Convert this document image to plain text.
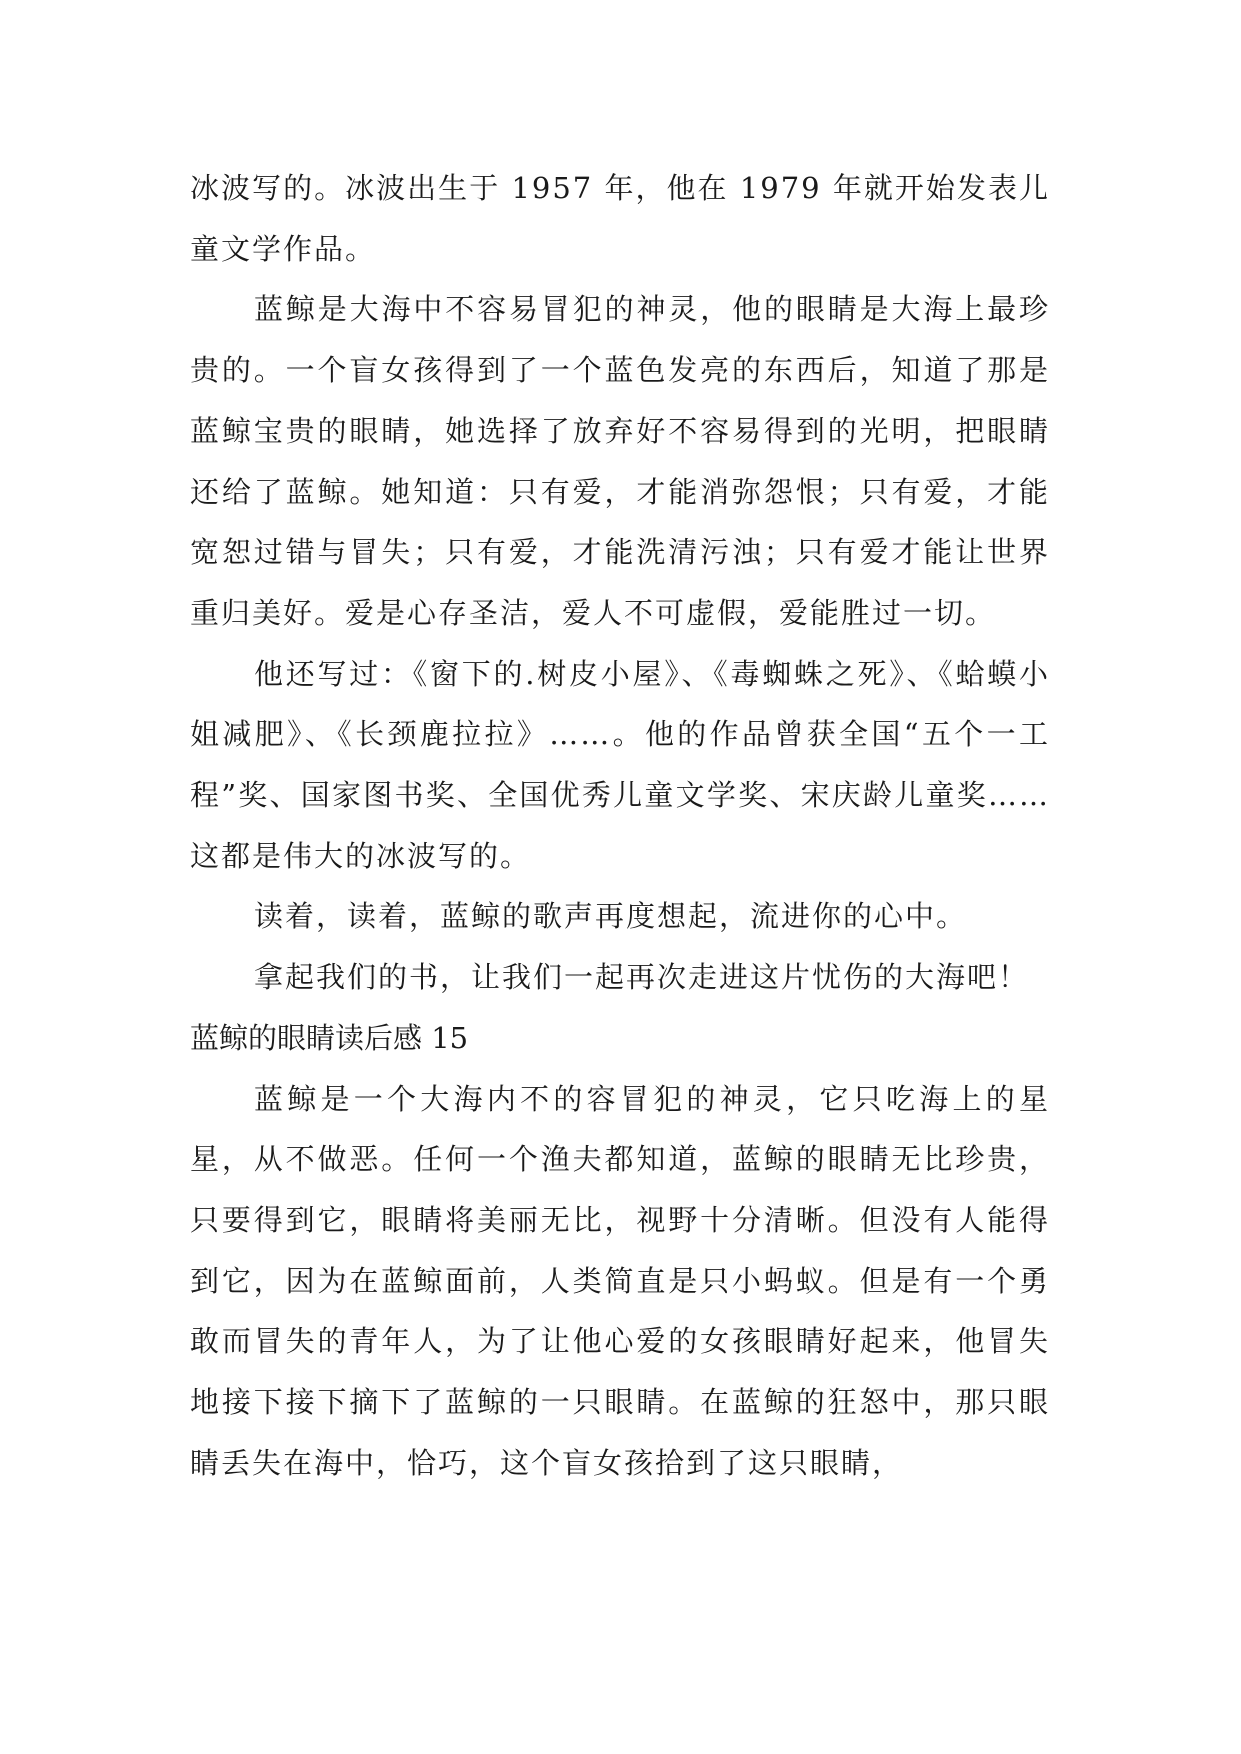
冰波写的。冰波出生于 1957 年，他在 1979 年就开始发表儿童文学作品。

蓝鲸是大海中不容易冒犯的神灵，他的眼睛是大海上最珍贵的。一个盲女孩得到了一个蓝色发亮的东西后，知道了那是蓝鲸宝贵的眼睛，她选择了放弃好不容易得到的光明，把眼睛还给了蓝鲸。她知道：只有爱，才能消弥怨恨；只有爱，才能宽恕过错与冒失；只有爱，才能洗清污浊；只有爱才能让世界重归美好。爱是心存圣洁，爱人不可虚假，爱能胜过一切。

他还写过：《窗下的.树皮小屋》、《毒蜘蛛之死》、《蛤蟆小姐减肥》、《长颈鹿拉拉》……。他的作品曾获全国“五个一工程”奖、国家图书奖、全国优秀儿童文学奖、宋庆龄儿童奖……这都是伟大的冰波写的。

读着，读着，蓝鲸的歌声再度想起，流进你的心中。

拿起我们的书，让我们一起再次走进这片忧伤的大海吧！

蓝鲸的眼睛读后感 15

蓝鲸是一个大海内不的容冒犯的神灵，它只吃海上的星星，从不做恶。任何一个渔夫都知道，蓝鲸的眼睛无比珍贵，只要得到它，眼睛将美丽无比，视野十分清晰。但没有人能得到它，因为在蓝鲸面前，人类简直是只小蚂蚁。但是有一个勇敢而冒失的青年人，为了让他心爱的女孩眼睛好起来，他冒失地接下接下摘下了蓝鲸的一只眼睛。在蓝鲸的狂怒中，那只眼睛丢失在海中，恰巧，这个盲女孩拾到了这只眼睛，
